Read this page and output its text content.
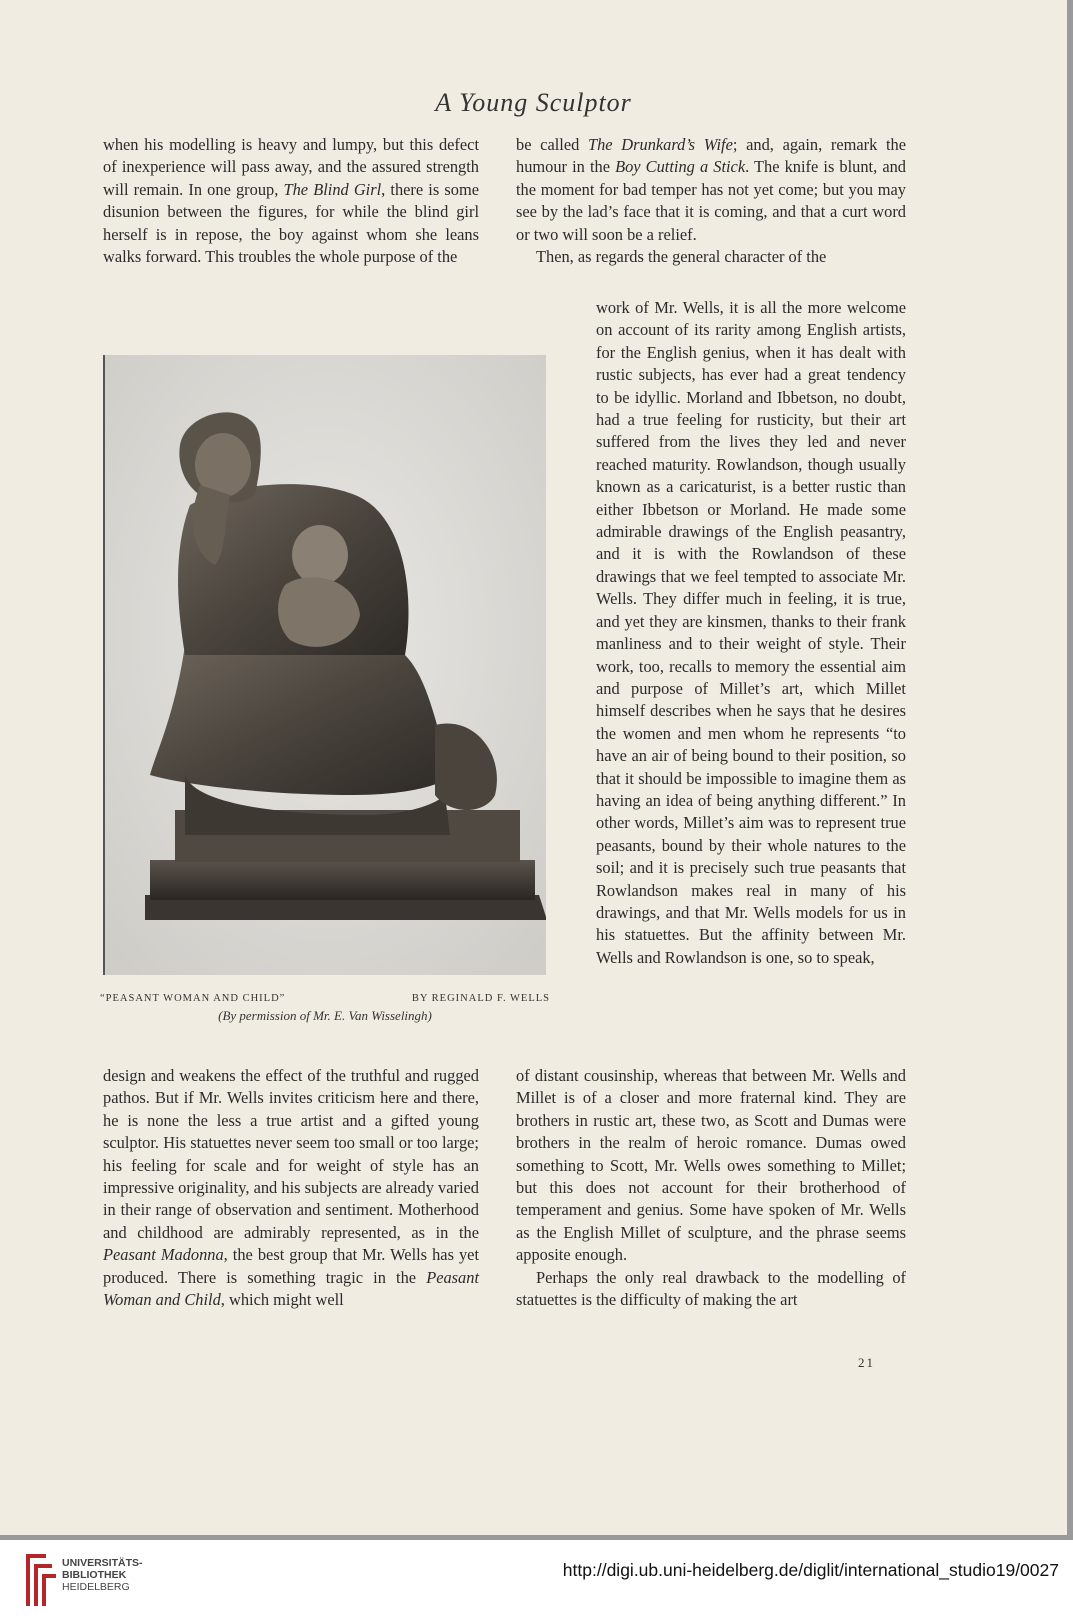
A Young Sculptor

when his modelling is heavy and lumpy, but this defect of inexperience will pass away, and the assured strength will remain. In one group, The Blind Girl, there is some disunion between the figures, for while the blind girl herself is in repose, the boy against whom she leans walks forward. This troubles the whole purpose of the

“PEASANT WOMAN AND CHILD”	BY REGINALD F. WELLS
(By permission of Mr. E. Van Wisselingh)

design and weakens the effect of the truthful and rugged pathos. But if Mr. Wells invites criticism here and there, he is none the less a true artist and a gifted young sculptor. His statuettes never seem too small or too large; his feeling for scale and for weight of style has an impressive originality, and his subjects are already varied in their range of observation and sentiment. Motherhood and childhood are admirably represented, as in the Peasant Madonna, the best group that Mr. Wells has yet produced. There is something tragic in the Peasant Woman and Child, which might well

be called The Drunkard’s Wife; and, again, remark the humour in the Boy Cutting a Stick. The knife is blunt, and the moment for bad temper has not yet come; but you may see by the lad’s face that it is coming, and that a curt word or two will soon be a relief.

Then, as regards the general character of the

work of Mr. Wells, it is all the more welcome on account of its rarity among English artists, for the English genius, when it has dealt with rustic subjects, has ever had a great tendency to be idyllic. Morland and Ibbetson, no doubt, had a true feeling for rusticity, but their art suffered from the lives they led and never reached maturity. Rowlandson, though usually known as a caricaturist, is a better rustic than either Ibbetson or Morland. He made some admirable drawings of the English peasantry, and it is with the Rowlandson of these drawings that we feel tempted to associate Mr. Wells. They differ much in feeling, it is true, and yet they are kinsmen, thanks to their frank manliness and to their weight of style. Their work, too, recalls to memory the essential aim and purpose of Millet’s art, which Millet himself describes when he says that he desires the women and men whom he represents “to have an air of being bound to their position, so that it should be impossible to imagine them as having an idea of being anything different.” In other words, Millet’s aim was to represent true peasants, bound by their whole natures to the soil; and it is precisely such true peasants that Rowlandson makes real in many of his drawings, and that Mr. Wells models for us in his statuettes. But the affinity between Mr. Wells and Rowlandson is one, so to speak,

of distant cousinship, whereas that between Mr. Wells and Millet is of a closer and more fraternal kind. They are brothers in rustic art, these two, as Scott and Dumas were brothers in the realm of heroic romance. Dumas owed something to Scott, Mr. Wells owes something to Millet; but this does not account for their brotherhood of temperament and genius. Some have spoken of Mr. Wells as the English Millet of sculpture, and the phrase seems apposite enough.

Perhaps the only real drawback to the modelling of statuettes is the difficulty of making the art

21
UNIVERSITÄTS-
BIBLIOTHEK
HEIDELBERG
http://digi.ub.uni-heidelberg.de/diglit/international_studio19/0027
